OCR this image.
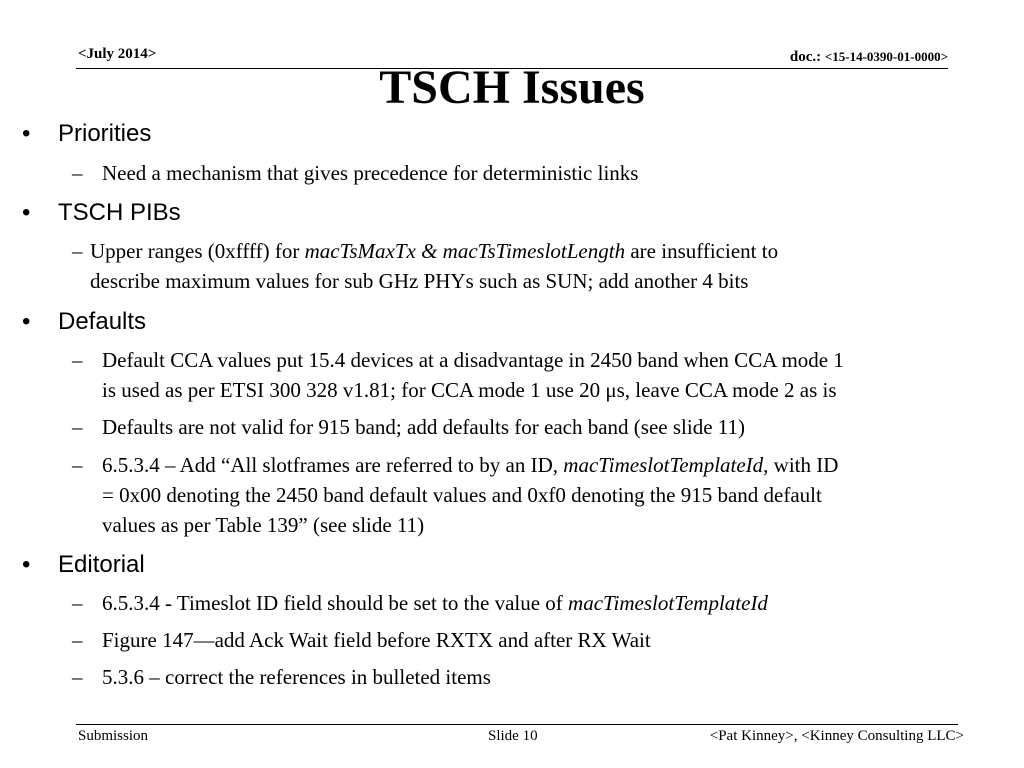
<July 2014>	doc.: <15-14-0390-01-0000>
TSCH Issues
• Priorities
– Need a mechanism that gives precedence for deterministic links
• TSCH PIBs
– Upper ranges (0xffff) for macTsMaxTx & macTsTimeslotLength are insufficient to
describe maximum values for sub GHz PHYs such as SUN; add another 4 bits
• Defaults
– Default CCA values put 15.4 devices at a disadvantage in 2450 band when CCA mode 1
is used as per ETSI 300 328 v1.81; for CCA mode 1 use 20 μs, leave CCA mode 2 as is
– Defaults are not valid for 915 band; add defaults for each band (see slide 11)
– 6.5.3.4 – Add “All slotframes are referred to by an ID, macTimeslotTemplateId, with ID
= 0x00 denoting the 2450 band default values and 0xf0 denoting the 915 band default
values as per Table 139” (see slide 11)
• Editorial
– 6.5.3.4 - Timeslot ID field should be set to the value of macTimeslotTemplateId
– Figure 147—add Ack Wait field before RXTX and after RX Wait
– 5.3.6 – correct the references in bulleted items
Submission	Slide 10	<Pat Kinney>, <Kinney Consulting LLC>
